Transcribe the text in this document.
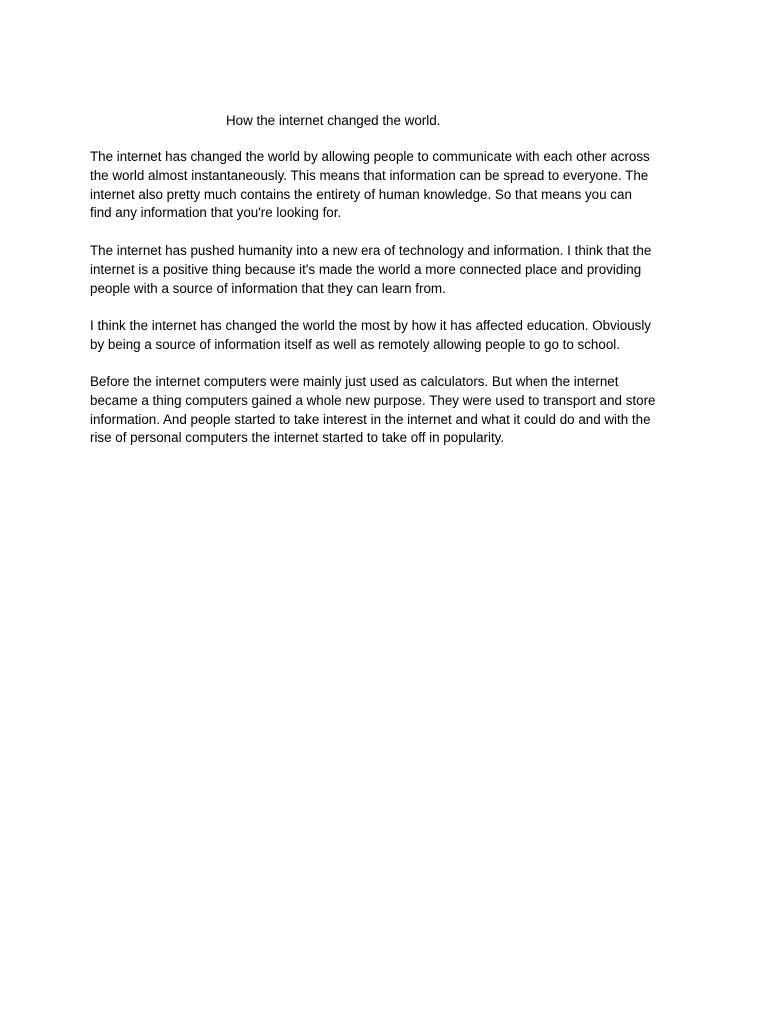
How the internet changed the world.
The internet has changed the world by allowing people to communicate with each other across
the world almost instantaneously. This means that information can be spread to everyone. The
internet also pretty much contains the entirety of human knowledge. So that means you can
find any information that you're looking for.
The internet has pushed humanity into a new era of technology and information. I think that the
internet is a positive thing because it's made the world a more connected place and providing
people with a source of information that they can learn from.
I think the internet has changed the world the most by how it has affected education. Obviously
by being a source of information itself as well as remotely allowing people to go to school.
Before the internet computers were mainly just used as calculators. But when the internet
became a thing computers gained a whole new purpose. They were used to transport and store
information. And people started to take interest in the internet and what it could do and with the
rise of personal computers the internet started to take off in popularity.
